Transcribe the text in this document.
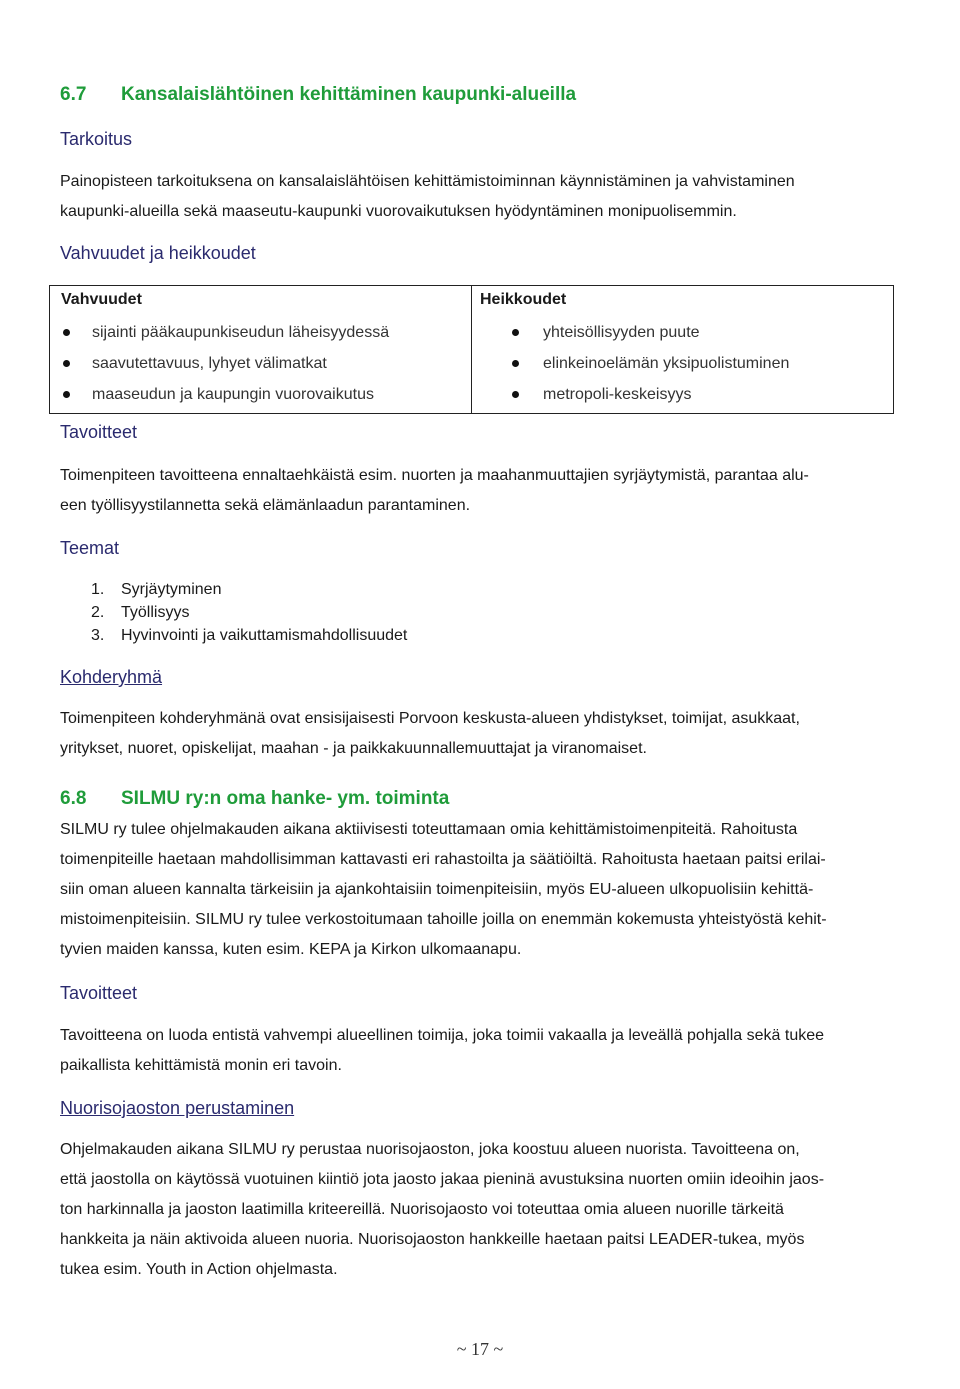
6.7 Kansalaislähtöinen kehittäminen kaupunki-alueilla
Tarkoitus
Painopisteen tarkoituksena on kansalaislähtöisen kehittämistoiminnan käynnistäminen ja vahvistaminen
kaupunki-alueilla sekä maaseutu-kaupunki vuorovaikutuksen hyödyntäminen monipuolisemmin.
Vahvuudet ja heikkoudet
Vahvuudet
sijainti pääkaupunkiseudun läheisyydessä
saavutettavuus, lyhyet välimatkat
maaseudun ja kaupungin vuorovaikutus

Heikkoudet
yhteisöllisyyden puute
elinkeinoelämän yksipuolistuminen
metropoli-keskeisyys
Tavoitteet
Toimenpiteen tavoitteena ennaltaehkäistä esim. nuorten ja maahanmuuttajien syrjäytymistä, parantaa alu-
een työllisyystilannetta sekä elämänlaadun parantaminen.
Teemat
1. Syrjäytyminen
2. Työllisyys
3. Hyvinvointi ja vaikuttamismahdollisuudet
Kohderyhmä
Toimenpiteen kohderyhmänä ovat ensisijaisesti Porvoon keskusta-alueen yhdistykset, toimijat, asukkaat,
yritykset, nuoret, opiskelijat, maahan - ja paikkakuunnallemuuttajat ja viranomaiset.
6.8 SILMU ry:n oma hanke- ym. toiminta
SILMU ry tulee ohjelmakauden aikana aktiivisesti toteuttamaan omia kehittämistoimenpiteitä. Rahoitusta
toimenpiteille haetaan mahdollisimman kattavasti eri rahastoilta ja säätiöiltä. Rahoitusta haetaan paitsi erilai-
siin oman alueen kannalta tärkeisiin ja ajankohtaisiin toimenpiteisiin, myös EU-alueen ulkopuolisiin kehittä-
mistoimenpiteisiin. SILMU ry tulee verkostoitumaan tahoille joilla on enemmän kokemusta yhteistyöstä kehit-
tyvien maiden kanssa, kuten esim. KEPA ja Kirkon ulkomaanapu.
Tavoitteet
Tavoitteena on luoda entistä vahvempi alueellinen toimija, joka toimii vakaalla ja leveällä pohjalla sekä tukee
paikallista kehittämistä monin eri tavoin.
Nuorisojaoston perustaminen
Ohjelmakauden aikana SILMU ry perustaa nuorisojaoston, joka koostuu alueen nuorista. Tavoitteena on,
että jaostolla on käytössä vuotuinen kiintiö jota jaosto jakaa pieninä avustuksina nuorten omiin ideoihin jaos-
ton harkinnalla ja jaoston laatimilla kriteereillä. Nuorisojaosto voi toteuttaa omia alueen nuorille tärkeitä
hankkeita ja näin aktivoida alueen nuoria. Nuorisojaoston hankkeille haetaan paitsi LEADER-tukea, myös
tukea esim. Youth in Action ohjelmasta.
~ 17 ~
